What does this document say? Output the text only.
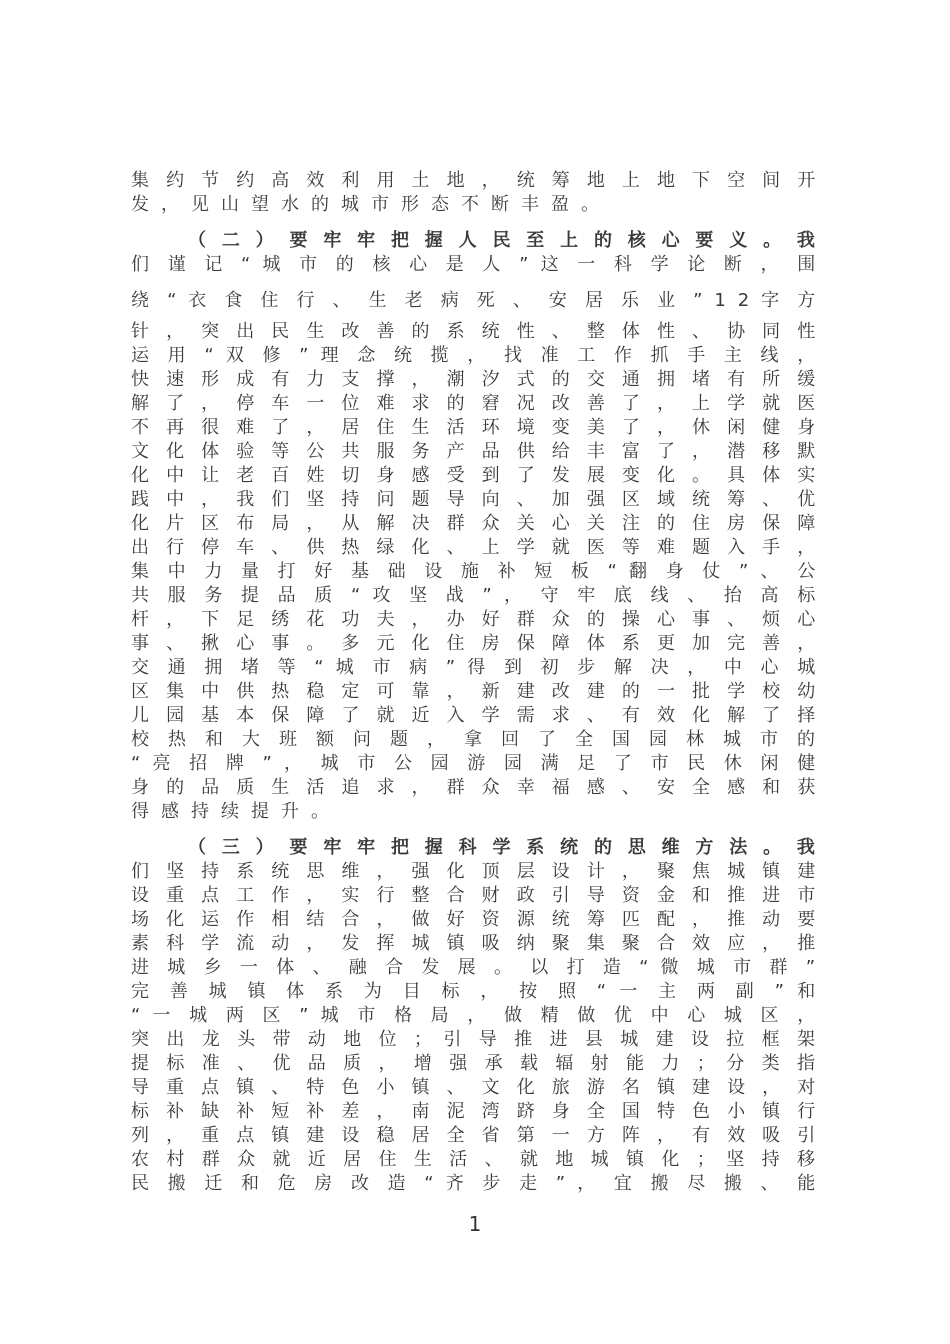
集 约 节 约 高 效 利 用 土 地 ， 统 筹 地 上 地 下 空 间 开
发，见山望水的城市形态不断丰盈。
（ 二 ） 要 牢 牢 把 握 人 民 至 上 的 核 心 要 义 。 我
们 谨 记 “ 城 市 的 核 心 是 人 ” 这 一 科 学 论 断 ， 围
绕 “ 衣 食 住 行 、 生 老 病 死 、 安 居 乐 业 ” 1 2 字 方
针 ， 突 出 民 生 改 善 的 系 统 性 、 整 体 性 、 协 同 性
运 用 “ 双 修 ” 理 念 统 揽 ， 找 准 工 作 抓 手 主 线 ，
快 速 形 成 有 力 支 撑 ， 潮 汐 式 的 交 通 拥 堵 有 所 缓
解 了 ， 停 车 一 位 难 求 的 窘 况 改 善 了 ， 上 学 就 医
不 再 很 难 了 ， 居 住 生 活 环 境 变 美 了 ， 休 闲 健 身
文 化 体 验 等 公 共 服 务 产 品 供 给 丰 富 了 ， 潜 移 默
化 中 让 老 百 姓 切 身 感 受 到 了 发 展 变 化 。 具 体 实
践 中 ， 我 们 坚 持 问 题 导 向 、 加 强 区 域 统 筹 、 优
化 片 区 布 局 ， 从 解 决 群 众 关 心 关 注 的 住 房 保 障
出 行 停 车 、 供 热 绿 化 、 上 学 就 医 等 难 题 入 手 ，
集 中 力 量 打 好 基 础 设 施 补 短 板 “ 翻 身 仗 ” 、 公
共 服 务 提 品 质 “ 攻 坚 战 ” ， 守 牢 底 线 、 抬 高 标
杆 ， 下 足 绣 花 功 夫 ， 办 好 群 众 的 操 心 事 、 烦 心
事 、 揪 心 事 。 多 元 化 住 房 保 障 体 系 更 加 完 善 ，
交 通 拥 堵 等 “ 城 市 病 ” 得 到 初 步 解 决 ， 中 心 城
区 集 中 供 热 稳 定 可 靠 ， 新 建 改 建 的 一 批 学 校 幼
儿 园 基 本 保 障 了 就 近 入 学 需 求 、 有 效 化 解 了 择
校 热 和 大 班 额 问 题 ， 拿 回 了 全 国 园 林 城 市 的
“ 亮 招 牌 ” ， 城 市 公 园 游 园 满 足 了 市 民 休 闲 健
身 的 品 质 生 活 追 求 ， 群 众 幸 福 感 、 安 全 感 和 获
得感持续提升。
（ 三 ） 要 牢 牢 把 握 科 学 系 统 的 思 维 方 法 。 我
们 坚 持 系 统 思 维 ， 强 化 顶 层 设 计 ， 聚 焦 城 镇 建
设 重 点 工 作 ， 实 行 整 合 财 政 引 导 资 金 和 推 进 市
场 化 运 作 相 结 合 ， 做 好 资 源 统 筹 匹 配 ， 推 动 要
素 科 学 流 动 ， 发 挥 城 镇 吸 纳 聚 集 聚 合 效 应 ， 推
进 城 乡 一 体 、 融 合 发 展 。 以 打 造 “ 微 城 市 群 ”
完 善 城 镇 体 系 为 目 标 ， 按 照 “ 一 主 两 副 ” 和
“ 一 城 两 区 ” 城 市 格 局 ， 做 精 做 优 中 心 城 区 ，
突 出 龙 头 带 动 地 位 ； 引 导 推 进 县 城 建 设 拉 框 架
提 标 准 、 优 品 质 ， 增 强 承 载 辐 射 能 力 ； 分 类 指
导 重 点 镇 、 特 色 小 镇 、 文 化 旅 游 名 镇 建 设 ， 对
标 补 缺 补 短 补 差 ， 南 泥 湾 跻 身 全 国 特 色 小 镇 行
列 ， 重 点 镇 建 设 稳 居 全 省 第 一 方 阵 ， 有 效 吸 引
农 村 群 众 就 近 居 住 生 活 、 就 地 城 镇 化 ； 坚 持 移
民 搬 迁 和 危 房 改 造 “ 齐 步 走 ” ， 宜 搬 尽 搬 、 能
1
